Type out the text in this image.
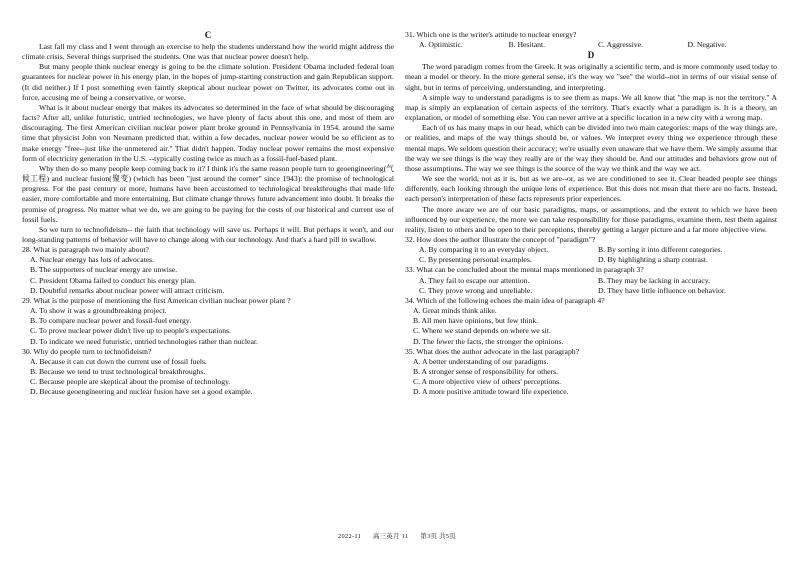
C

Last fall my class and I went through an exercise to help the students understand how the world might address the climate crisis. Several things surprised the students. One was that nuclear power doesn't help.

But many people think nuclear energy is going to be the climate solution. President Obama included federal loan guarantees for nuclear power in his energy plan, in the hopes of jump-starting construction and gain Republican support. (It did neither.) If I post something even faintly skeptical about nuclear power on Twitter, its advocates come out in force, accusing me of being a conservative, or worse.

What is it about nuclear energy that makes its advocates so determined in the face of what should be discouraging facts? After all, unlike futuristic, untried technologies, we have plenty of facts about this one, and most of them are discouraging. The first American civilian nuclear power plant broke ground in Pennsylvania in 1954, around the same time that physicist John von Neumann predicted that, within a few decades, nuclear power would be so efficient as to make energy "free--just like the unmetered air." That didn't happen. Today nuclear power remains the most expensive form of electricity generation in the U.S. --typically costing twice as much as a fossil-fuel-based plant.

Why then do so many people keep coming back to it? I think it's the same reason people turn to geoengineering(气候工程) and nuclear fusion(聚变) (which has been "just around the corner" since 1943): the promise of technological progress. For the past century or more, humans have been accustomed to technological breakthroughs that made life easier, more comfortable and more entertaining. But climate change throws future advancement into doubt. It breaks the promise of progress. No matter what we do, we are going to be paying for the costs of our historical and current use of fossil fuels.

So we turn to technofideism-- the faith that technology will save us. Perhaps it will. But perhaps it won't, and our long-standing patterns of behavior will have to change along with our technology. And that's a hard pill to swallow.

28. What is paragraph two mainly about?

A. Nuclear energy has lots of advocates.

B. The supporters of nuclear energy are unwise.

C. President Obama failed to conduct his energy plan.

D. Doubtful remarks about nuclear power will attract criticism.

29. What is the purpose of mentioning the first American civilian nuclear power plant ?

A. To show it was a groundbreaking project.

B. To compare nuclear power and fossil-fuel energy.

C. To prove nuclear power didn't live up to people's expectations.

D. To indicate we need futuristic, untried technologies rather than nuclear.

30. Why do people turn to technofideism?

A. Because it can cut down the current use of fossil fuels.

B. Because we tend to trust technological breakthroughs.

C. Because people are skeptical about the promise of technology.

D. Because geoengineering and nuclear fusion have set a good example.

31. Which one is the writer's attitude to nuclear energy?

A. Optimistic.	B. Hesitant.	C. Aggressive.	D. Negative.
D

The word paradigm comes from the Greek. It was originally a scientific term, and is more commonly used today to mean a model or theory. In the more general sense, it's the way we "see" the world--not in terms of our visual sense of sight, but in terms of perceiving, understanding, and interpreting.

A simple way to understand paradigms is to see them as maps. We all know that "the map is not the territory." A map is simply an explanation of certain aspects of the territory. That's exactly what a paradigm is. It is a theory, an explanation, or model of something else. You can never arrive at a specific location in a new city with a wrong map.

Each of us has many maps in our head, which can be divided into two main categories: maps of the way things are, or realities, and maps of the way things should be, or values. We interpret every thing we experience through these mental maps. We seldom question their accuracy; we're usually even unaware that we have them. We simply assume that the way we see things is the way they really are or the way they should be. And our attitudes and behaviors grow out of those assumptions. The way we see things is the source of the way we think and the way we act.

We see the world, not as it is, but as we are--or, as we are conditioned to see it. Clear headed people see things differently, each looking through the unique lens of experience. But this does not mean that there are no facts. Instead, each person's interpretation of these facts represents prior experiences.

The more aware we are of our basic paradigms, maps, or assumptions, and the extent to which we have been influenced by our experience, the more we can take responsibility for those paradigms, examine them, test them against reality, listen to others and be open to their perceptions, thereby getting a larger picture and a far more objective view.

32. How does the author illustrate the concept of "paradigm"?

A. By comparing it to an everyday object.	B. By sorting it into different categories.
C. By presenting personal examples.	D. By highlighting a sharp contrast.

33. What can be concluded about the mental maps mentioned in paragraph 3?

A. They fail to escape our attention.	B. They may be lacking in accuracy.
C. They prove wrong and unreliable.	D. They have little influence on behavior.

34. Which of the following echoes the main idea of paragraph 4?

A. Great minds think alike.

B. All men have opinions, but few think.

C. Where we stand depends on where we sit.

D. The fewer the facts, the stronger the opinions.

35. What does the author advocate in the last paragraph?

A. A better understanding of our paradigms.

B. A stronger sense of responsibility for others.

C. A more objective view of others' perceptions.

D. A more positive attitude toward life experience.

2022-11 高三英月 11 第3页 共5页
